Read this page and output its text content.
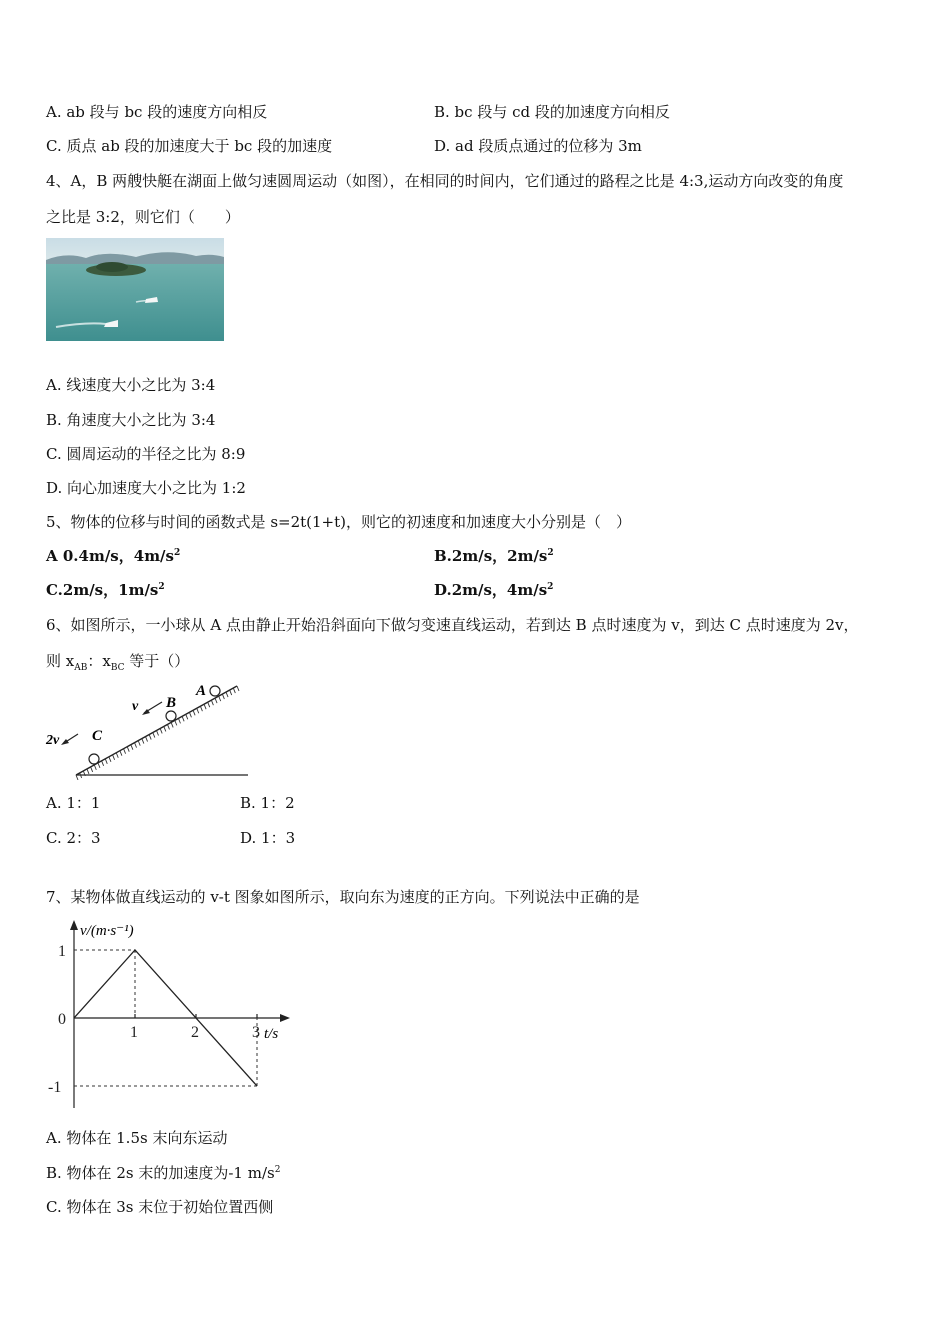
A. ab 段与 bc 段的速度方向相反	B. bc 段与 cd 段的加速度方向相反
C. 质点 ab 段的加速度大于 bc 段的加速度	D. ad 段质点通过的位移为 3m
4、A，B 两艘快艇在湖面上做匀速圆周运动（如图），在相同的时间内，它们通过的路程之比是 4:3,运动方向改变的角度
之比是 3:2，则它们（　　）
A. 线速度大小之比为 3:4
B. 角速度大小之比为 3:4
C. 圆周运动的半径之比为 8:9
D. 向心加速度大小之比为 1:2
5、物体的位移与时间的函数式是 s=2t(1+t)，则它的初速度和加速度大小分别是（　）
A 0.4m/s，$4m/s^2$	B.2m/s，$2m/s^2$
C.2m/s，$1m/s^2$	D.2m/s，$4m/s^2$
6、如图所示，一小球从 A 点由静止开始沿斜面向下做匀变速直线运动，若到达 B 点时速度为 v，到达 C 点时速度为 2v，
则 $x_{AB}$：$x_{BC}$ 等于（）
A
B
C
v
2v
A. 1：1	B. 1：2
C. 2：3	D. 1：3
7、某物体做直线运动的 v-t 图象如图所示，取向东为速度的正方向。下列说法中正确的是
1	2	3
1
0
-1
v/(m·s⁻¹)
t/s
A. 物体在 1.5s 末向东运动
B. 物体在 2s 末的加速度为-1 $m/s^2$
C. 物体在 3s 末位于初始位置西侧
